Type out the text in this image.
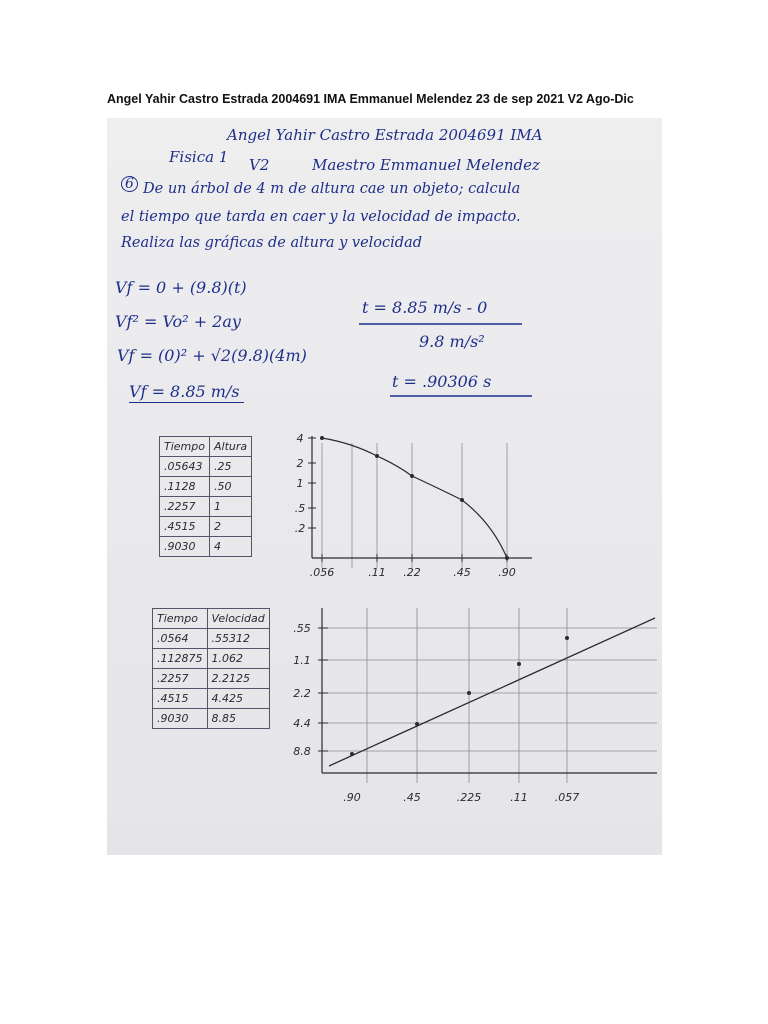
Angel Yahir Castro Estrada 2004691 IMA Emmanuel Melendez 23 de sep 2021 V2 Ago-Dic
Angel Yahir Castro Estrada 2004691 IMA
Fisica 1 V2	Maestro Emmanuel Melendez
6 De un árbol de 4 m de altura cae un objeto; calcula
el tiempo que tarda en caer y la velocidad de impacto.
Realiza las gráficas de altura y velocidad
Vf = 0 + (9.8)(t)
Vf² = Vo² + 2ay
Vf = (0)² + √2(9.8)(4m)
Vf = 8.85 m/s
t = 8.85 m/s - 0
9.8 m/s²
t = .90306 s
4
2
1
.5
.2
.056	.11 .22	.45	.90
.55
1.1
2.2
4.4
8.8
.90	.45	.225	.11 .057
Tiempo	Altura
.05643	.25
.1128	.50
.2257	1
.4515	2
.9030	4
Tiempo	Velocidad
.0564	.55312
.112875	1.062
.2257	2.2125
.4515	4.425
.9030	8.85
